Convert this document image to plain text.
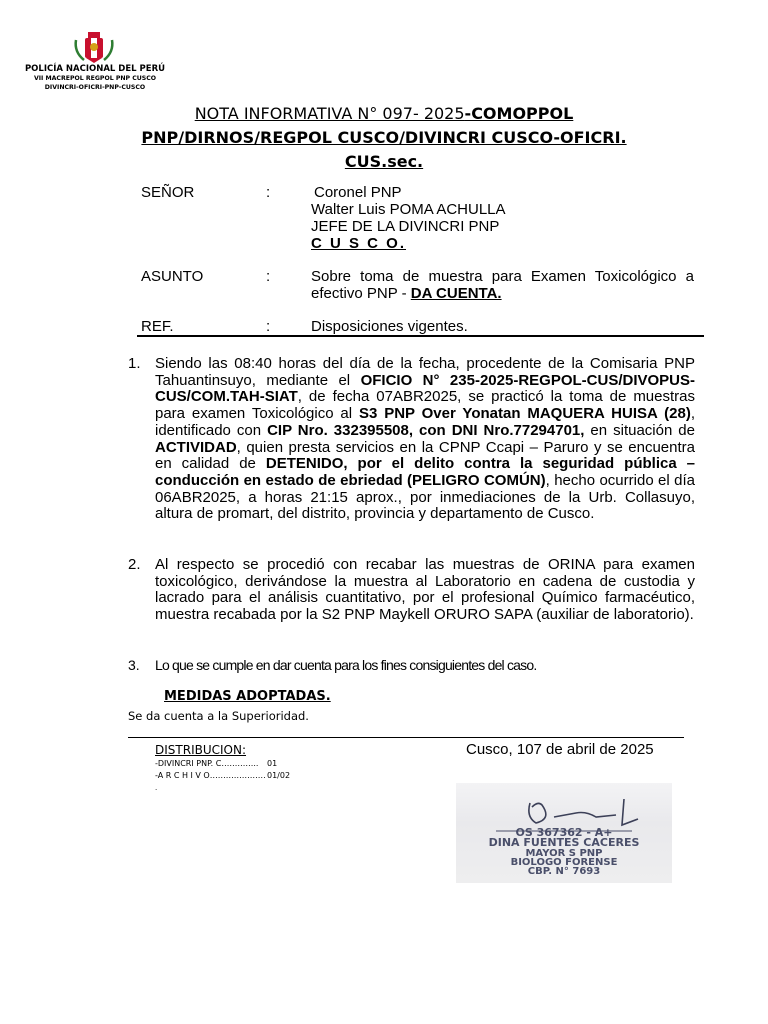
POLICÍA NACIONAL DEL PERÚ
VII MACREPOL REGPOL PNP CUSCO
DIVINCRI-OFICRI-PNP-CUSCO
NOTA INFORMATIVA N° 097- 2025-COMOPPOL
PNP/DIRNOS/REGPOL CUSCO/DIVINCRI CUSCO-OFICRI.
CUS.sec.
SEÑOR	:	Coronel PNP
Walter Luis POMA ACHULLA
JEFE DE LA DIVINCRI PNP
C U S C O.
ASUNTO	:	Sobre toma de muestra para Examen Toxicológico a efectivo PNP - DA CUENTA.
REF.	:	Disposiciones vigentes.
1. Siendo las 08:40 horas del día de la fecha, procedente de la Comisaria PNP Tahuantinsuyo, mediante el OFICIO N° 235-2025-REGPOL-CUS/DIVOPUS-CUS/COM.TAH-SIAT, de fecha 07ABR2025, se practicó la toma de muestras para examen Toxicológico al S3 PNP Over Yonatan MAQUERA HUISA (28), identificado con CIP Nro. 332395508, con DNI Nro.77294701, en situación de ACTIVIDAD, quien presta servicios en la CPNP Ccapi – Paruro y se encuentra en calidad de DETENIDO, por el delito contra la seguridad pública – conducción en estado de ebriedad (PELIGRO COMÚN), hecho ocurrido el día 06ABR2025, a horas 21:15 aprox., por inmediaciones de la Urb. Collasuyo, altura de promart, del distrito, provincia y departamento de Cusco.
2. Al respecto se procedió con recabar las muestras de ORINA para examen toxicológico, derivándose la muestra al Laboratorio en cadena de custodia y lacrado para el análisis cuantitativo, por el profesional Químico farmacéutico, muestra recabada por la S2 PNP Maykell ORURO SAPA (auxiliar de laboratorio).
3. Lo que se cumple en dar cuenta para los fines consiguientes del caso.
MEDIDAS ADOPTADAS.
Se da cuenta a la Superioridad.
DISTRIBUCION:
-DIVINCRI PNP. C………….. 01
-A R C H I V O………………… 01/02
.
Cusco, 107 de abril de 2025
OS 367362 - A+
DINA FUENTES CACERES
MAYOR S PNP
BIOLOGO FORENSE
CBP. N° 7693
